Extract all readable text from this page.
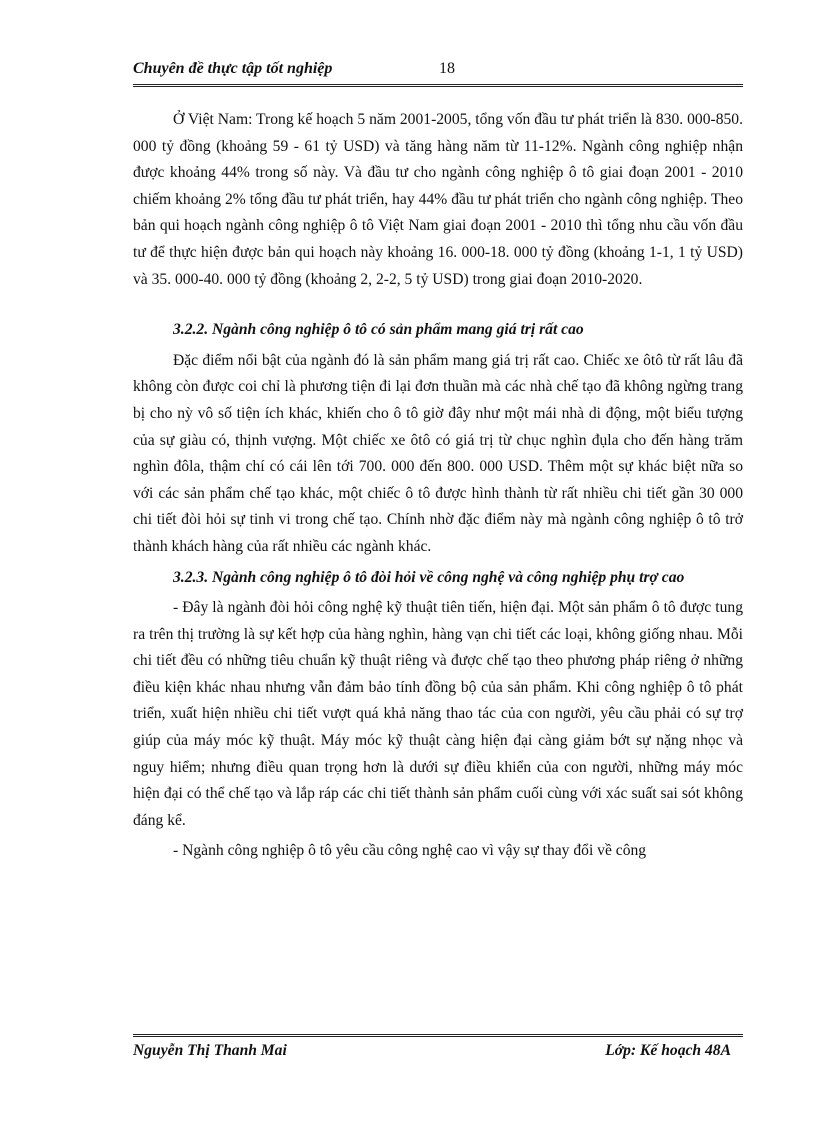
Chuyên đề thực tập tốt nghiệp	18

Ở Việt Nam: Trong kế hoạch 5 năm 2001-2005, tổng vốn đầu tư phát triển là 830. 000-850. 000 tỷ đồng (khoảng 59 - 61 tỷ USD) và tăng hàng năm từ 11-12%. Ngành công nghiệp nhận được khoảng 44% trong số này. Và đầu tư cho ngành công nghiệp ô tô giai đoạn 2001 - 2010 chiếm khoảng 2% tổng đầu tư phát triển, hay 44% đầu tư phát triển cho ngành công nghiệp. Theo bản qui hoạch ngành công nghiệp ô tô Việt Nam giai đoạn 2001 - 2010 thì tổng nhu cầu vốn đầu tư để thực hiện được bản qui hoạch này khoảng 16. 000-18. 000 tỷ đồng (khoảng 1-1, 1 tỷ USD) và 35. 000-40. 000 tỷ đồng (khoảng 2, 2-2, 5 tỷ USD) trong giai đoạn 2010-2020.

3.2.2. Ngành công nghiệp ô tô có sản phẩm mang giá trị rất cao

Đặc điểm nổi bật của ngành đó là sản phẩm mang giá trị rất cao. Chiếc xe ôtô từ rất lâu đã không còn được coi chỉ là phương tiện đi lại đơn thuần mà các nhà chế tạo đã không ngừng trang bị cho nỳ vô số tiện ích khác, khiến cho ô tô giờ đây như một mái nhà di động, một biểu tượng của sự giàu có, thịnh vượng. Một chiếc xe ôtô có giá trị từ chục nghìn đụla cho đến hàng trăm nghìn đôla, thậm chí có cái lên tới 700. 000 đến 800. 000 USD. Thêm một sự khác biệt nữa so với các sản phẩm chế tạo khác, một chiếc ô tô được hình thành từ rất nhiều chi tiết gần 30 000 chi tiết đòi hỏi sự tinh vi trong chế tạo. Chính nhờ đặc điểm này mà ngành công nghiệp ô tô trở thành khách hàng của rất nhiều các ngành khác.

3.2.3. Ngành công nghiệp ô tô đòi hỏi về công nghệ và công nghiệp phụ trợ cao

- Đây là ngành đòi hỏi công nghệ kỹ thuật tiên tiến, hiện đại. Một sản phẩm ô tô được tung ra trên thị trường là sự kết hợp của hàng nghìn, hàng vạn chi tiết các loại, không giống nhau. Mỗi chi tiết đều có những tiêu chuẩn kỹ thuật riêng và được chế tạo theo phương pháp riêng ở những điều kiện khác nhau nhưng vẫn đảm bảo tính đồng bộ của sản phẩm. Khi công nghiệp ô tô phát triển, xuất hiện nhiều chi tiết vượt quá khả năng thao tác của con người, yêu cầu phải có sự trợ giúp của máy móc kỹ thuật. Máy móc kỹ thuật càng hiện đại càng giảm bớt sự nặng nhọc và nguy hiểm; nhưng điều quan trọng hơn là dưới sự điều khiển của con người, những máy móc hiện đại có thể chế tạo và lắp ráp các chi tiết thành sản phẩm cuối cùng với xác suất sai sót không đáng kể.

- Ngành công nghiệp ô tô yêu cầu công nghệ cao vì vậy sự thay đổi về công

Nguyễn Thị Thanh Mai	Lớp: Kế hoạch 48A
